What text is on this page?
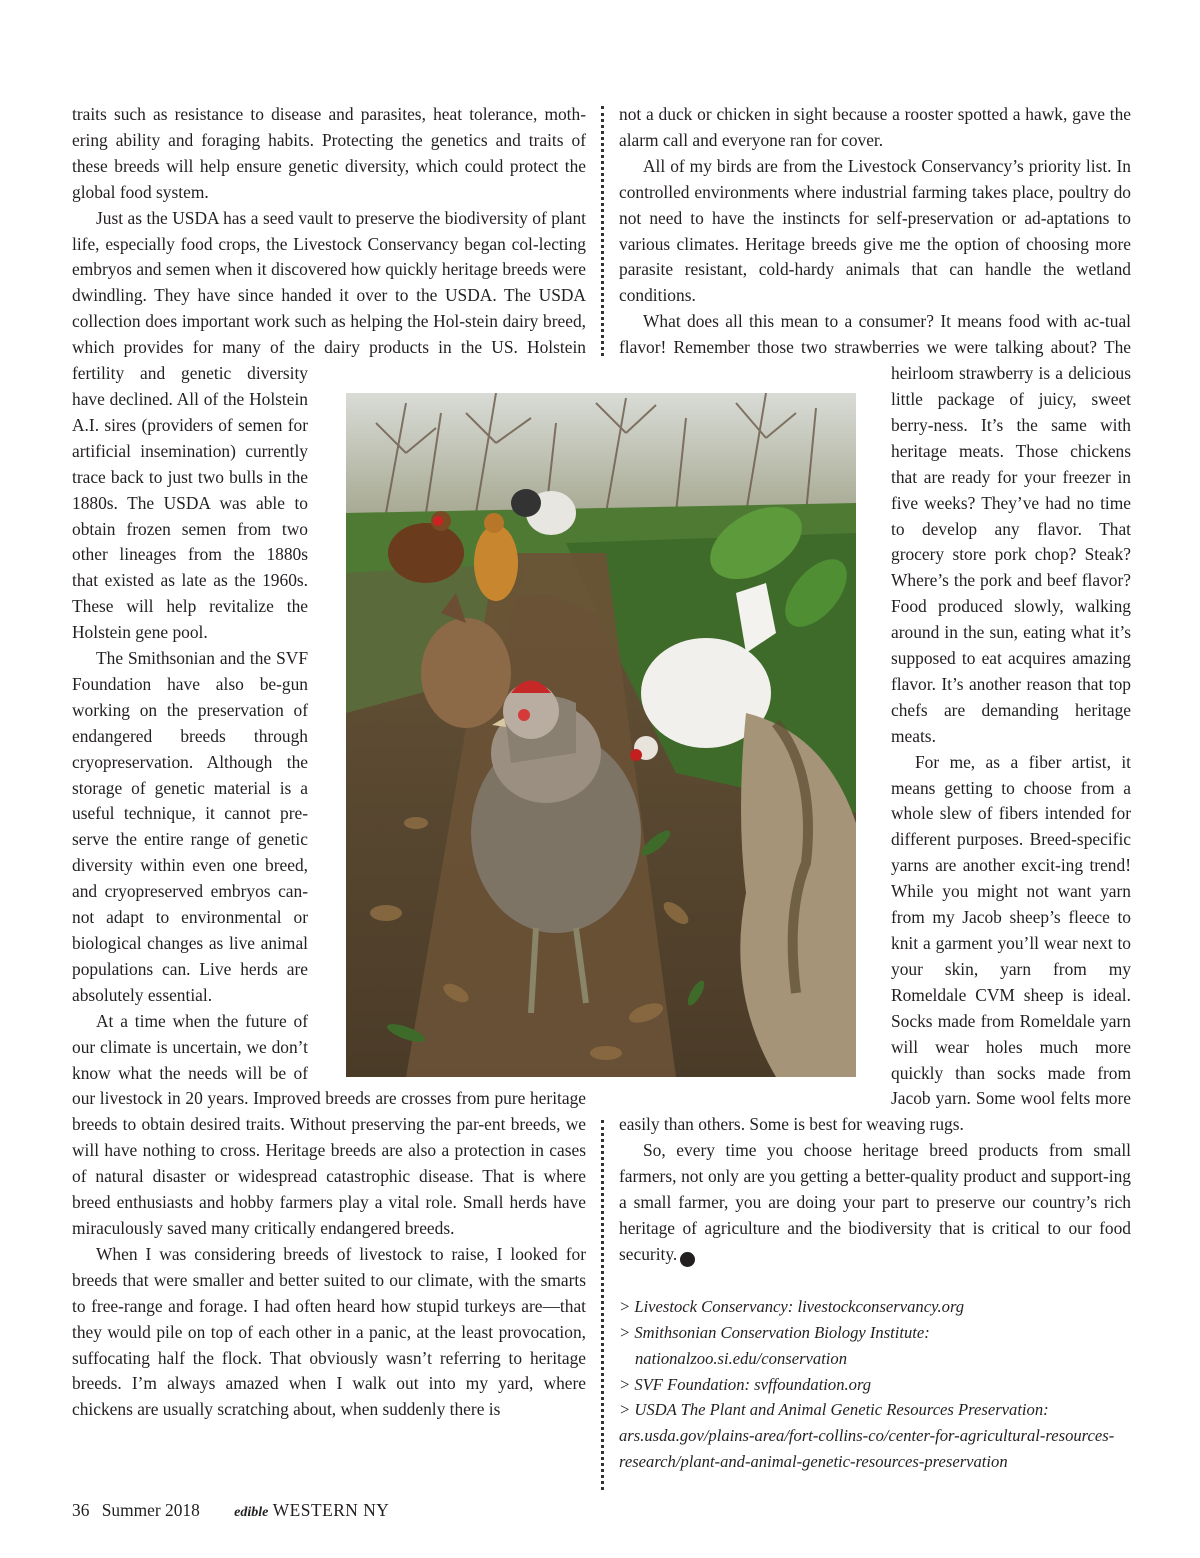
traits such as resistance to disease and parasites, heat tolerance, moth-ering ability and foraging habits. Protecting the genetics and traits of these breeds will help ensure genetic diversity, which could protect the global food system.

Just as the USDA has a seed vault to preserve the biodiversity of plant life, especially food crops, the Livestock Conservancy began col-lecting embryos and semen when it discovered how quickly heritage breeds were dwindling. They have since handed it over to the USDA. The USDA collection does important work such as helping the Hol-stein dairy breed, which provides for many of the dairy products in the US. Holstein fertility and genetic diversity have declined. All of the Holstein A.I. sires (providers of semen for artificial insemination) currently trace back to just two bulls in the 1880s. The USDA was able to obtain frozen semen from two other lineages from the 1880s that existed as late as the 1960s. These will help revitalize the Holstein gene pool.

The Smithsonian and the SVF Foundation have also be-gun working on the preservation of endangered breeds through cryopreservation. Although the storage of genetic material is a useful technique, it cannot pre-serve the entire range of genetic diversity within even one breed, and cryopreserved embryos can-not adapt to environmental or biological changes as live animal populations can. Live herds are absolutely essential.

At a time when the future of our climate is uncertain, we don’t know what the needs will be of our livestock in 20 years. Improved breeds are crosses from pure heritage breeds to obtain desired traits. Without preserving the par-ent breeds, we will have nothing to cross. Heritage breeds are also a protection in cases of natural disaster or widespread catastrophic disease. That is where breed enthusiasts and hobby farmers play a vital role. Small herds have miraculously saved many critically endangered breeds.

When I was considering breeds of livestock to raise, I looked for breeds that were smaller and better suited to our climate, with the smarts to free-range and forage. I had often heard how stupid turkeys are—that they would pile on top of each other in a panic, at the least provocation, suffocating half the flock. That obviously wasn’t referring to heritage breeds. I’m always amazed when I walk out into my yard, where chickens are usually scratching about, when suddenly there is

not a duck or chicken in sight because a rooster spotted a hawk, gave the alarm call and everyone ran for cover.

All of my birds are from the Livestock Conservancy’s priority list. In controlled environments where industrial farming takes place, poultry do not need to have the instincts for self-preservation or ad-aptations to various climates. Heritage breeds give me the option of choosing more parasite resistant, cold-hardy animals that can handle the wetland conditions.

What does all this mean to a consumer? It means food with ac-tual flavor! Remember those two strawberries we were talking about? The heirloom strawberry is a delicious little package of juicy, sweet berry-ness. It’s the same with heritage meats. Those chickens that are ready for your freezer in five weeks? They’ve had no time to develop any flavor. That grocery store pork chop? Steak? Where’s the pork and beef flavor? Food produced slowly, walking around in the sun, eating what it’s supposed to eat acquires amazing flavor. It’s another reason that top chefs are demanding heritage meats.

For me, as a fiber artist, it means getting to choose from a whole slew of fibers intended for different purposes. Breed-specific yarns are another excit-ing trend! While you might not want yarn from my Jacob sheep’s fleece to knit a garment you’ll wear next to your skin, yarn from my Romeldale CVM sheep is ideal. Socks made from Romeldale yarn will wear holes much more quickly than socks made from Jacob yarn. Some wool felts more easily than others. Some is best for weaving rugs.

So, every time you choose heritage breed products from small farmers, not only are you getting a better-quality product and support-ing a small farmer, you are doing your part to preserve our country’s rich heritage of agriculture and the biodiversity that is critical to our food security. e

> Livestock Conservancy: livestockconservancy.org
> Smithsonian Conservation Biology Institute:
nationalzoo.si.edu/conservation
> SVF Foundation: svffoundation.org
> USDA The Plant and Animal Genetic Resources Preservation:
ars.usda.gov/plains-area/fort-collins-co/center-for-agricultural-resources-research/plant-and-animal-genetic-resources-preservation
36 Summer 2018 edible WESTERN NY
